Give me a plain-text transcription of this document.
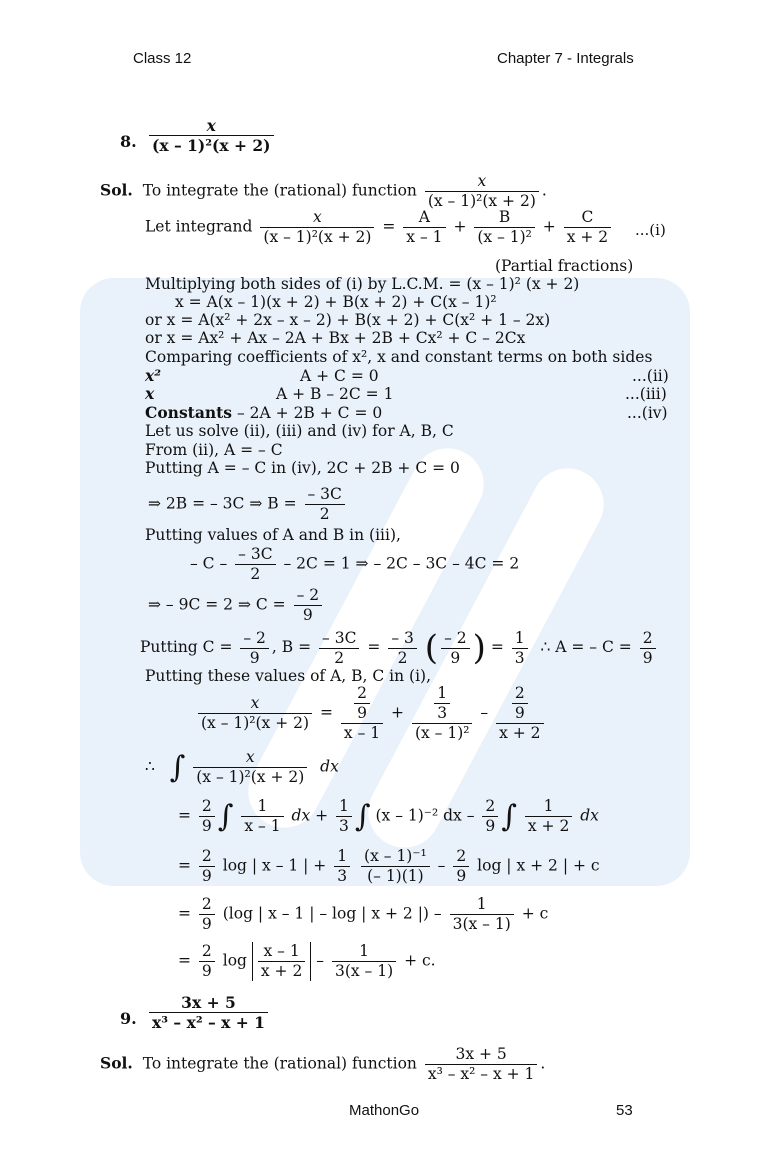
Class 12	Chapter 7 - Integrals
8. $\frac{x}{\text{(x – 1)²(x + 2)}}$
Sol. To integrate the (rational) function $\frac{x}{\text{(x – 1)²(x + 2)}}$ .
Let integrand $\frac{x}{\text{(x – 1)²(x + 2)}} = \frac{A}{x - 1} + \frac{B}{\text{(x – 1)²}} + \frac{C}{x + 2} ...(i)$
(Partial fractions)
Multiplying both sides of (i) by L.C.M. = (x – 1)² (x + 2)
x = A(x – 1)(x + 2) + B(x + 2) + C(x – 1)²
or x = A(x² + 2x – x – 2) + B(x + 2) + C(x² + 1 – 2x)
or x = Ax² + Ax – 2A + Bx + 2B + Cx² + C – 2Cx
Comparing coefficients of x², x and constant terms on both sides
x²	A + C = 0	...(ii)
x	A + B – 2C = 1	...(iii)
Constants – 2A + 2B + C = 0	...(iv)
Let us solve (ii), (iii) and (iv) for A, B, C
From (ii), A = – C
Putting A = – C in (iv), 2C + 2B + C = 0
⇒ 2B = – 3C ⇒ $B = \frac{- 3C}{2}$
Putting values of A and B in (iii),
– $C - \frac{- 3C}{2} - 2C = 1$ ⇒ – 2C – 3C – 4C = 2
⇒ – 9C = 2 ⇒ $C = \frac{- 2}{9}$
Putting $C = \frac{- 2}{9}$ , $B = \frac{- 3C}{2} = \frac{- 3}{2}$ ( $\frac{- 2}{9}$ ) = $\frac{1}{3}$ ∴ A = – $C = \frac{2}{9}$
Putting these values of A, B, C in (i),
$\frac{x}{\text{(x – 1)²(x + 2)}} = \frac{\frac{2}{9}}{x - 1} + \frac{\frac{1}{3}}{\text{(x – 1)²}} - \frac{\frac{2}{9}}{x + 2}$
∴ ∫ $\frac{x}{\text{(x – 1)²(x + 2)}}$ dx
= $\frac{2}{9}$ ∫ $\frac{1}{x - 1}$ dx + $\frac{1}{3}$ ∫ (x – 1)⁻² dx – $\frac{2}{9}$ ∫ $\frac{1}{x + 2}$ dx
= $\frac{2}{9}$ log | x – 1 | + $\frac{1}{3}$
$\frac{\text{(x – 1)⁻¹}}{(- 1)(1)} - \frac{2}{9}$ log | x + 2 | + c
= $\frac{2}{9} (\log$ | x – 1 | – log | x + 2 |) – $\frac{1}{3(x - 1)} + c$
= $\frac{2}{9}$ $\log \frac{x - 1}{x + 2} - \frac{1}{3(x - 1)} + c$.
9. $\frac{3x + 5}{\text{x³ – x² – x + 1}}$
Sol. To integrate the (rational) function $\frac{3x + 5}{\text{x³ – x² – x + 1}}$ .
MathonGo	53
